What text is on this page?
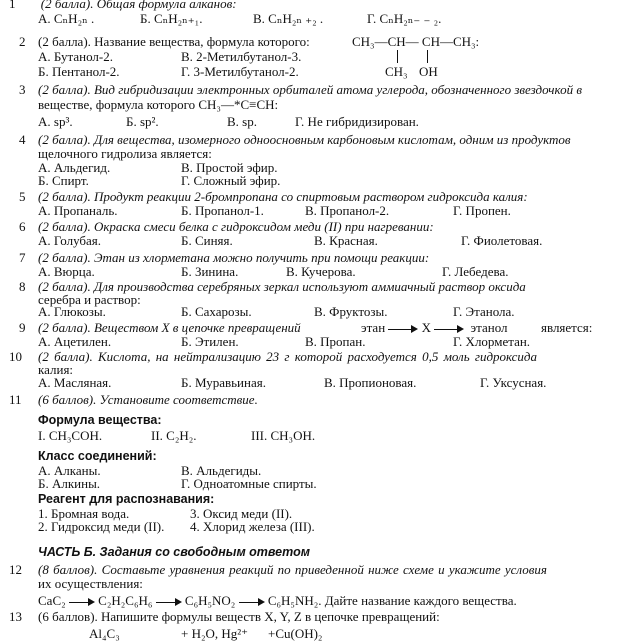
1 (2 балла). Общая формула алканов:
А. CₙH₂ₙ .	Б. CₙH₂ₙ₊₁.	В. CₙH₂ₙ ₊₂ .	Г. CₙH₂ₙ₋ ₋ ₂.
2 (2 балла). Название вещества, формула которого:	CH₃—CH— CH—CH₃:
А. Бутанол-2.	В. 2-Метилбутанол-3.
Б. Пентанол-2.	Г. 3-Метилбутанол-2.	CH₃ OH
3 (2 балла). Вид гибридизации электронных орбиталей атома углерода, обозначенного звездочкой в
веществе, формула которого CH₃—*C≡CH:
А. sp³.	Б. sp².	В. sp.	Г. Не гибридизирован.
4 (2 балла). Для вещества, изомерного одноосновным карбоновым кислотам, одним из продуктов
щелочного гидролиза является:
А. Альдегид.	В. Простой эфир.
Б. Спирт.	Г. Сложный эфир.
5 (2 балла). Продукт реакции 2-бромпропана со спиртовым раствором гидроксида калия:
А. Пропаналь.	Б. Пропанол-1.	В. Пропанол-2.	Г. Пропен.
6 (2 балла). Окраска смеси белка с гидроксидом меди (II) при нагревании:
А. Голубая.	Б. Синяя.	В. Красная.	Г. Фиолетовая.
7 (2 балла). Этан из хлорметана можно получить при помощи реакции:
А. Вюрца.	Б. Зинина.	В. Кучерова.	Г. Лебедева.
8 (2 балла). Для производства серебряных зеркал используют аммиачный раствор оксида
серебра и раствор:
А. Глюкозы.	Б. Сахарозы.	В. Фруктозы.	Г. Этанола.
9 (2 балла). Веществом X в цепочке превращений	этан	X	этанол	является:
А. Ацетилен.	Б. Этилен.	В. Пропан.	Г. Хлорметан.
10 (2 балла). Кислота, на нейтрализацию 23 г которой расходуется 0,5 моль гидроксида
калия:
А. Масляная.	Б. Муравьиная.	В. Пропионовая.	Г. Уксусная.
11 (6 баллов). Установите соответствие.
Формула вещества:
I. CH₃COH.	II. C₂H₂.	III. CH₃OH.
Класс соединений:
А. Алканы.	В. Альдегиды.
Б. Алкины.	Г. Одноатомные спирты.
Реагент для распознавания:
1. Бромная вода.	3. Оксид меди (II).
2. Гидроксид меди (II). 4. Хлорид железа (III).
ЧАСТЬ Б. Задания со свободным ответом
12 (8 баллов). Составьте уравнения реакций по приведенной ниже схеме и укажите условия
их осуществления:
CaC₂	C₂H₂C₆H₆	C₆H₅NO₂	C₆H₅NH₂. Дайте название каждого вещества.
13 (6 баллов). Напишите формулы веществ X, Y, Z в цепочке превращений:
Al₄C₃	+ H₂O, Hg²⁺ +Cu(OH)₂
